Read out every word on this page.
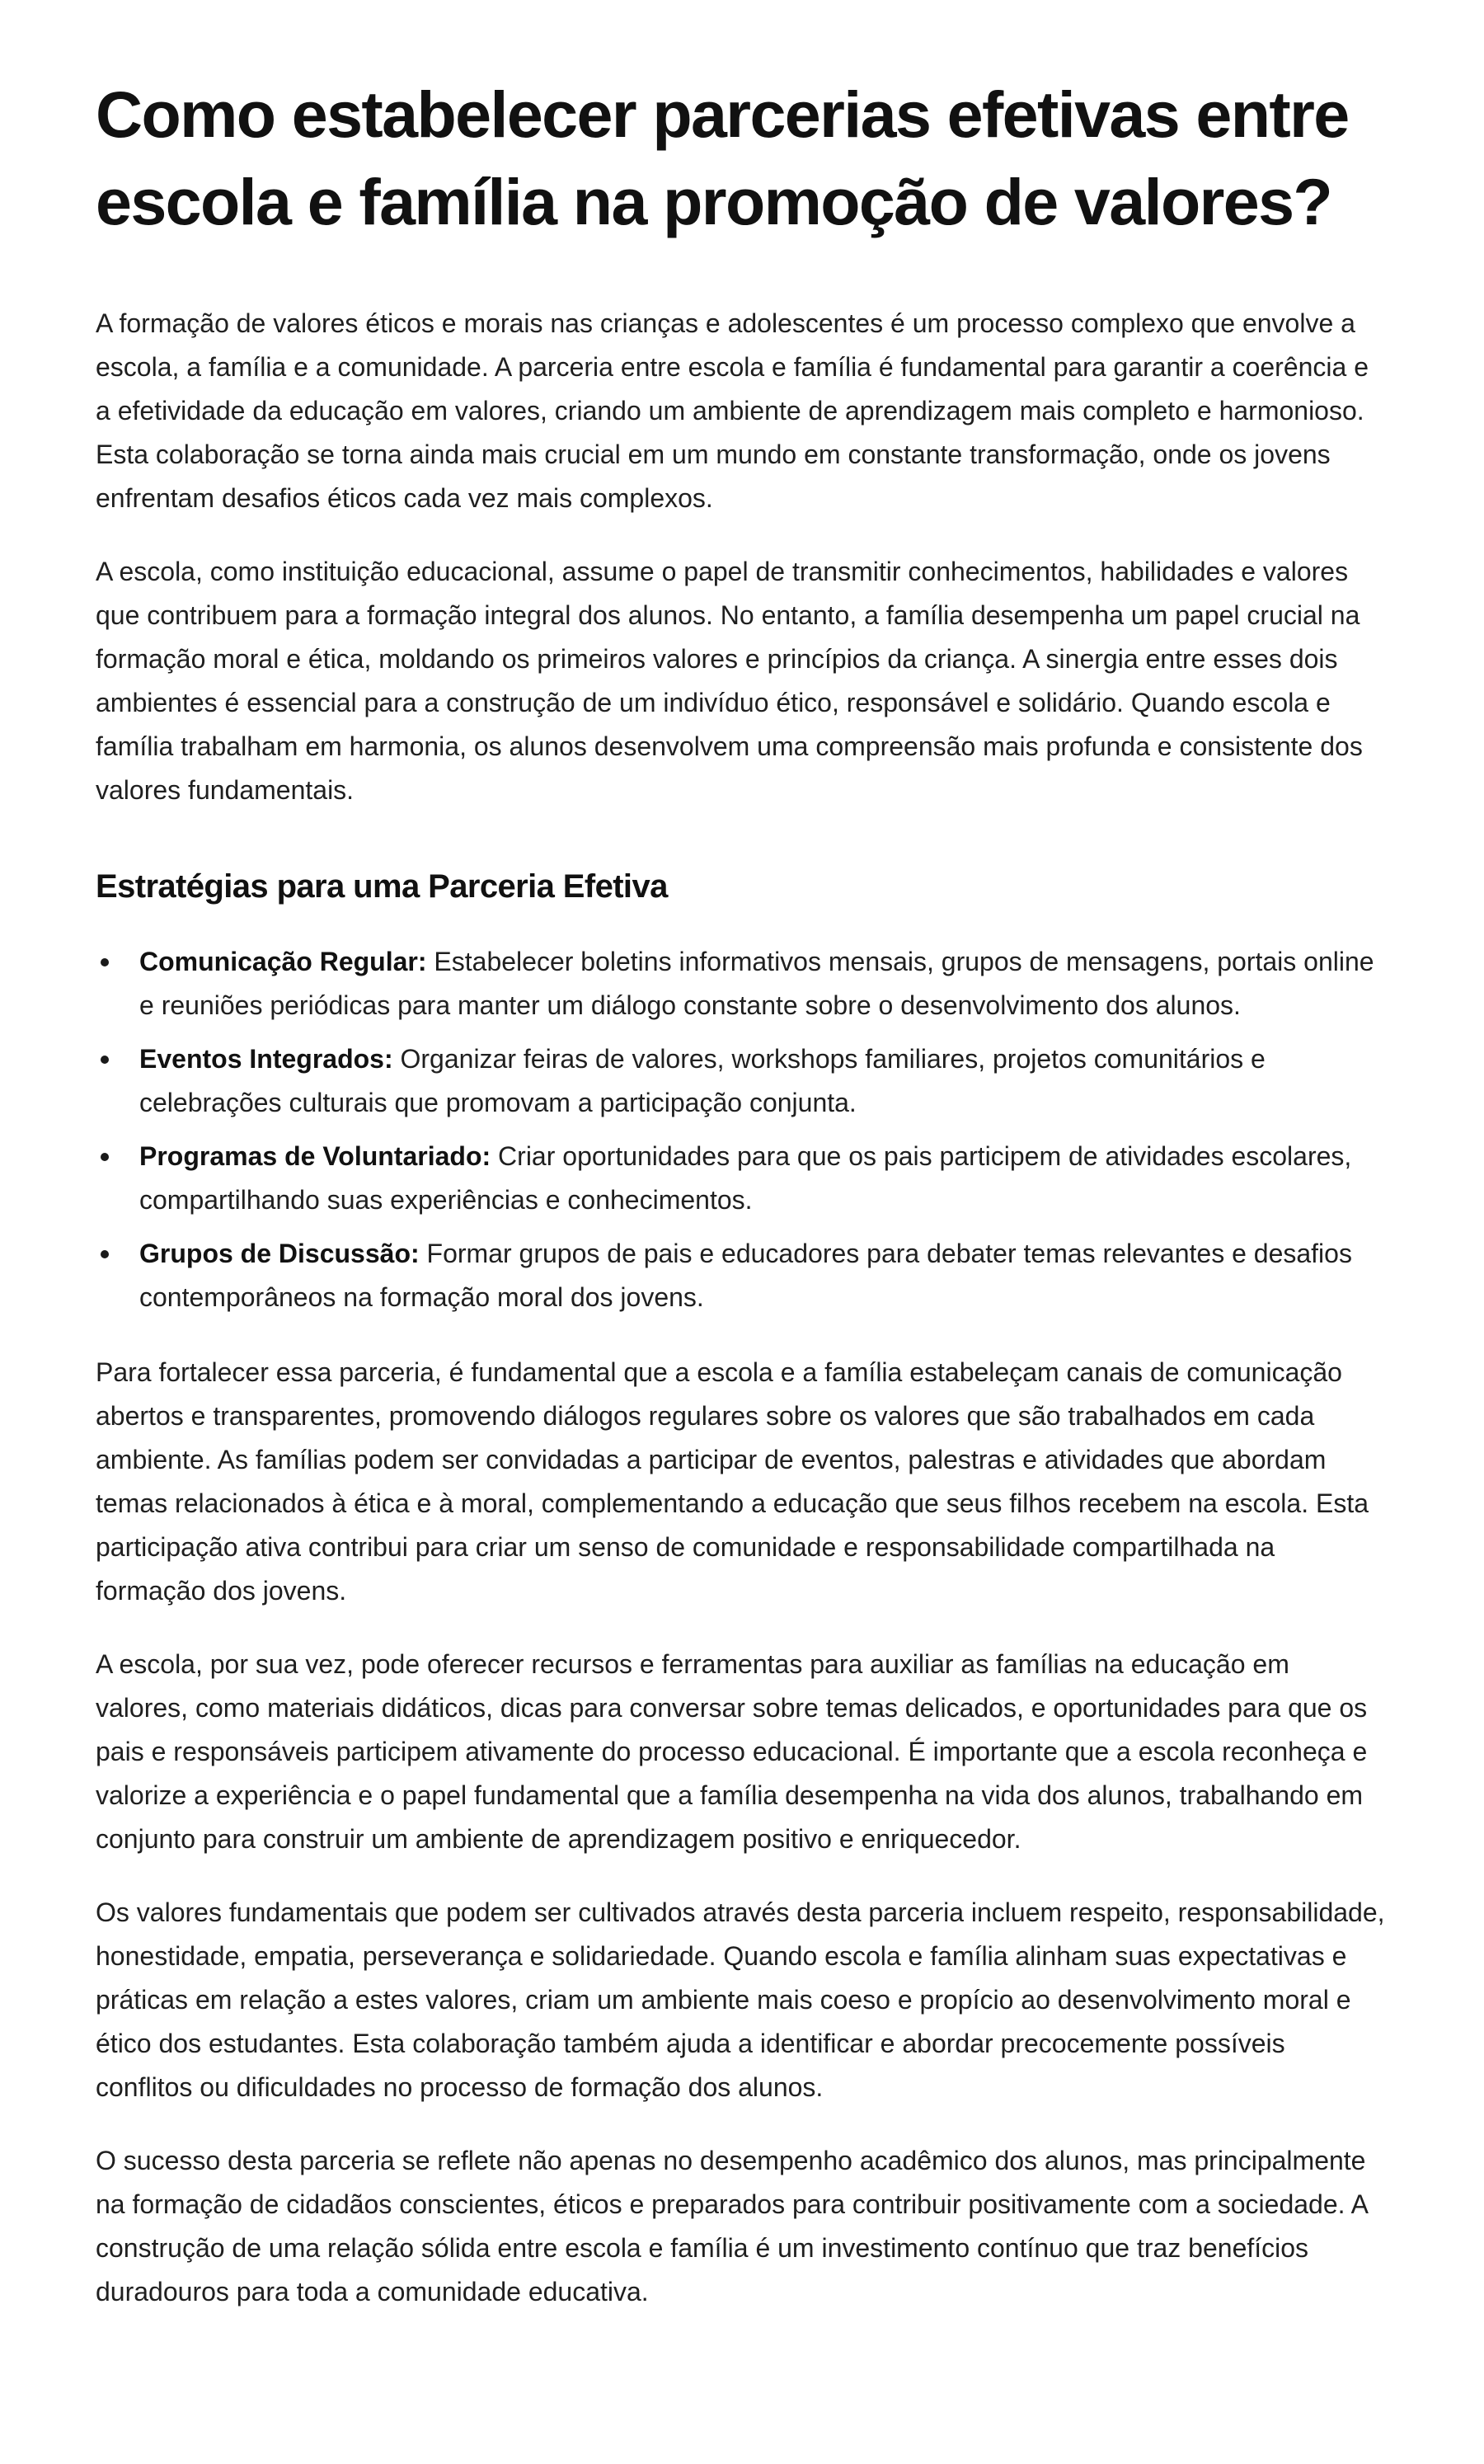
Como estabelecer parcerias efetivas entre escola e família na promoção de valores?

A formação de valores éticos e morais nas crianças e adolescentes é um processo complexo que envolve a escola, a família e a comunidade. A parceria entre escola e família é fundamental para garantir a coerência e a efetividade da educação em valores, criando um ambiente de aprendizagem mais completo e harmonioso. Esta colaboração se torna ainda mais crucial em um mundo em constante transformação, onde os jovens enfrentam desafios éticos cada vez mais complexos.

A escola, como instituição educacional, assume o papel de transmitir conhecimentos, habilidades e valores que contribuem para a formação integral dos alunos. No entanto, a família desempenha um papel crucial na formação moral e ética, moldando os primeiros valores e princípios da criança. A sinergia entre esses dois ambientes é essencial para a construção de um indivíduo ético, responsável e solidário. Quando escola e família trabalham em harmonia, os alunos desenvolvem uma compreensão mais profunda e consistente dos valores fundamentais.

Estratégias para uma Parceria Efetiva
Comunicação Regular: Estabelecer boletins informativos mensais, grupos de mensagens, portais online e reuniões periódicas para manter um diálogo constante sobre o desenvolvimento dos alunos.
Eventos Integrados: Organizar feiras de valores, workshops familiares, projetos comunitários e celebrações culturais que promovam a participação conjunta.
Programas de Voluntariado: Criar oportunidades para que os pais participem de atividades escolares, compartilhando suas experiências e conhecimentos.
Grupos de Discussão: Formar grupos de pais e educadores para debater temas relevantes e desafios contemporâneos na formação moral dos jovens.

Para fortalecer essa parceria, é fundamental que a escola e a família estabeleçam canais de comunicação abertos e transparentes, promovendo diálogos regulares sobre os valores que são trabalhados em cada ambiente. As famílias podem ser convidadas a participar de eventos, palestras e atividades que abordam temas relacionados à ética e à moral, complementando a educação que seus filhos recebem na escola. Esta participação ativa contribui para criar um senso de comunidade e responsabilidade compartilhada na formação dos jovens.

A escola, por sua vez, pode oferecer recursos e ferramentas para auxiliar as famílias na educação em valores, como materiais didáticos, dicas para conversar sobre temas delicados, e oportunidades para que os pais e responsáveis participem ativamente do processo educacional. É importante que a escola reconheça e valorize a experiência e o papel fundamental que a família desempenha na vida dos alunos, trabalhando em conjunto para construir um ambiente de aprendizagem positivo e enriquecedor.

Os valores fundamentais que podem ser cultivados através desta parceria incluem respeito, responsabilidade, honestidade, empatia, perseverança e solidariedade. Quando escola e família alinham suas expectativas e práticas em relação a estes valores, criam um ambiente mais coeso e propício ao desenvolvimento moral e ético dos estudantes. Esta colaboração também ajuda a identificar e abordar precocemente possíveis conflitos ou dificuldades no processo de formação dos alunos.

O sucesso desta parceria se reflete não apenas no desempenho acadêmico dos alunos, mas principalmente na formação de cidadãos conscientes, éticos e preparados para contribuir positivamente com a sociedade. A construção de uma relação sólida entre escola e família é um investimento contínuo que traz benefícios duradouros para toda a comunidade educativa.
